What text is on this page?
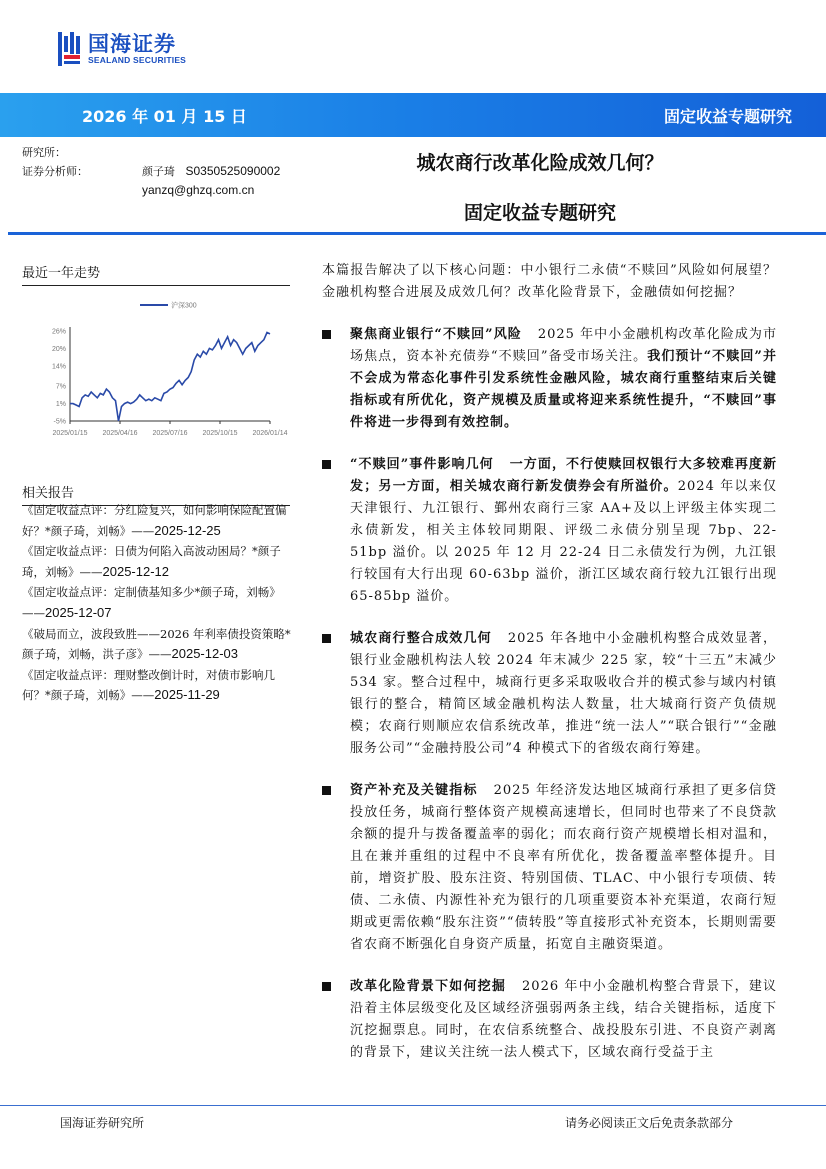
国海证券
SEALAND SECURITIES
2026 年 01 月 15 日	固定收益专题研究
研究所：
证券分析师：	颜子琦
S0350525090002
yanzq@ghzq.com.cn
城农商行改革化险成效几何？
固定收益专题研究
最近一年走势
26%
20%
14%
7%
1%
-5%
2025/01/15 2025/04/16 2025/07/16 2025/10/15 2026/01/14
沪深300
相关报告
《固定收益点评：分红险复兴，如何影响保险配置偏好？*颜子琦，刘畅》——2025-12-25
《固定收益点评：日债为何陷入高波动困局？*颜子琦，刘畅》——2025-12-12
《固定收益点评：定制债基知多少*颜子琦，刘畅》——2025-12-07
《破局而立，波段致胜——2026 年利率债投资策略*颜子琦，刘畅，洪子彦》——2025-12-03
《固定收益点评：理财整改倒计时，对债市影响几何？*颜子琦，刘畅》——2025-11-29

本篇报告解决了以下核心问题：中小银行二永债“不赎回”风险如何展望？金融机构整合进展及成效几何？改革化险背景下，金融债如何挖掘？

聚焦商业银行“不赎回”风险 2025 年中小金融机构改革化险成为市场焦点，资本补充债券“不赎回”备受市场关注。我们预计“不赎回”并不会成为常态化事件引发系统性金融风险，城农商行重整结束后关键指标或有所优化，资产规模及质量或将迎来系统性提升，“不赎回”事件将进一步得到有效控制。

“不赎回”事件影响几何 一方面，不行使赎回权银行大多较难再度新发；另一方面，相关城农商行新发债券会有所溢价。2024 年以来仅天津银行、九江银行、鄞州农商行三家 AA+及以上评级主体实现二永债新发，相关主体较同期限、评级二永债分别呈现 7bp、22-51bp 溢价。以 2025 年 12 月 22-24 日二永债发行为例，九江银行较国有大行出现 60-63bp 溢价，浙江区域农商行较九江银行出现 65-85bp 溢价。

城农商行整合成效几何 2025 年各地中小金融机构整合成效显著，银行业金融机构法人较 2024 年末减少 225 家，较“十三五”末减少 534 家。整合过程中，城商行更多采取吸收合并的模式参与域内村镇银行的整合，精简区域金融机构法人数量，壮大城商行资产负债规模；农商行则顺应农信系统改革，推进“统一法人”“联合银行”“金融服务公司”“金融持股公司”4 种模式下的省级农商行筹建。

资产补充及关键指标 2025 年经济发达地区城商行承担了更多信贷投放任务，城商行整体资产规模高速增长，但同时也带来了不良贷款余额的提升与拨备覆盖率的弱化；而农商行资产规模增长相对温和，且在兼并重组的过程中不良率有所优化，拨备覆盖率整体提升。目前，增资扩股、股东注资、特别国债、TLAC、中小银行专项债、转债、二永债、内源性补充为银行的几项重要资本补充渠道，农商行短期或更需依赖“股东注资”“债转股”等直接形式补充资本，长期则需要省农商不断强化自身资产质量，拓宽自主融资渠道。

改革化险背景下如何挖掘 2026 年中小金融机构整合背景下，建议沿着主体层级变化及区域经济强弱两条主线，结合关键指标，适度下沉挖掘票息。同时，在农信系统整合、战投股东引进、不良资产剥离的背景下，建议关注统一法人模式下，区域农商行受益于主

国海证券研究所	请务必阅读正文后免责条款部分
